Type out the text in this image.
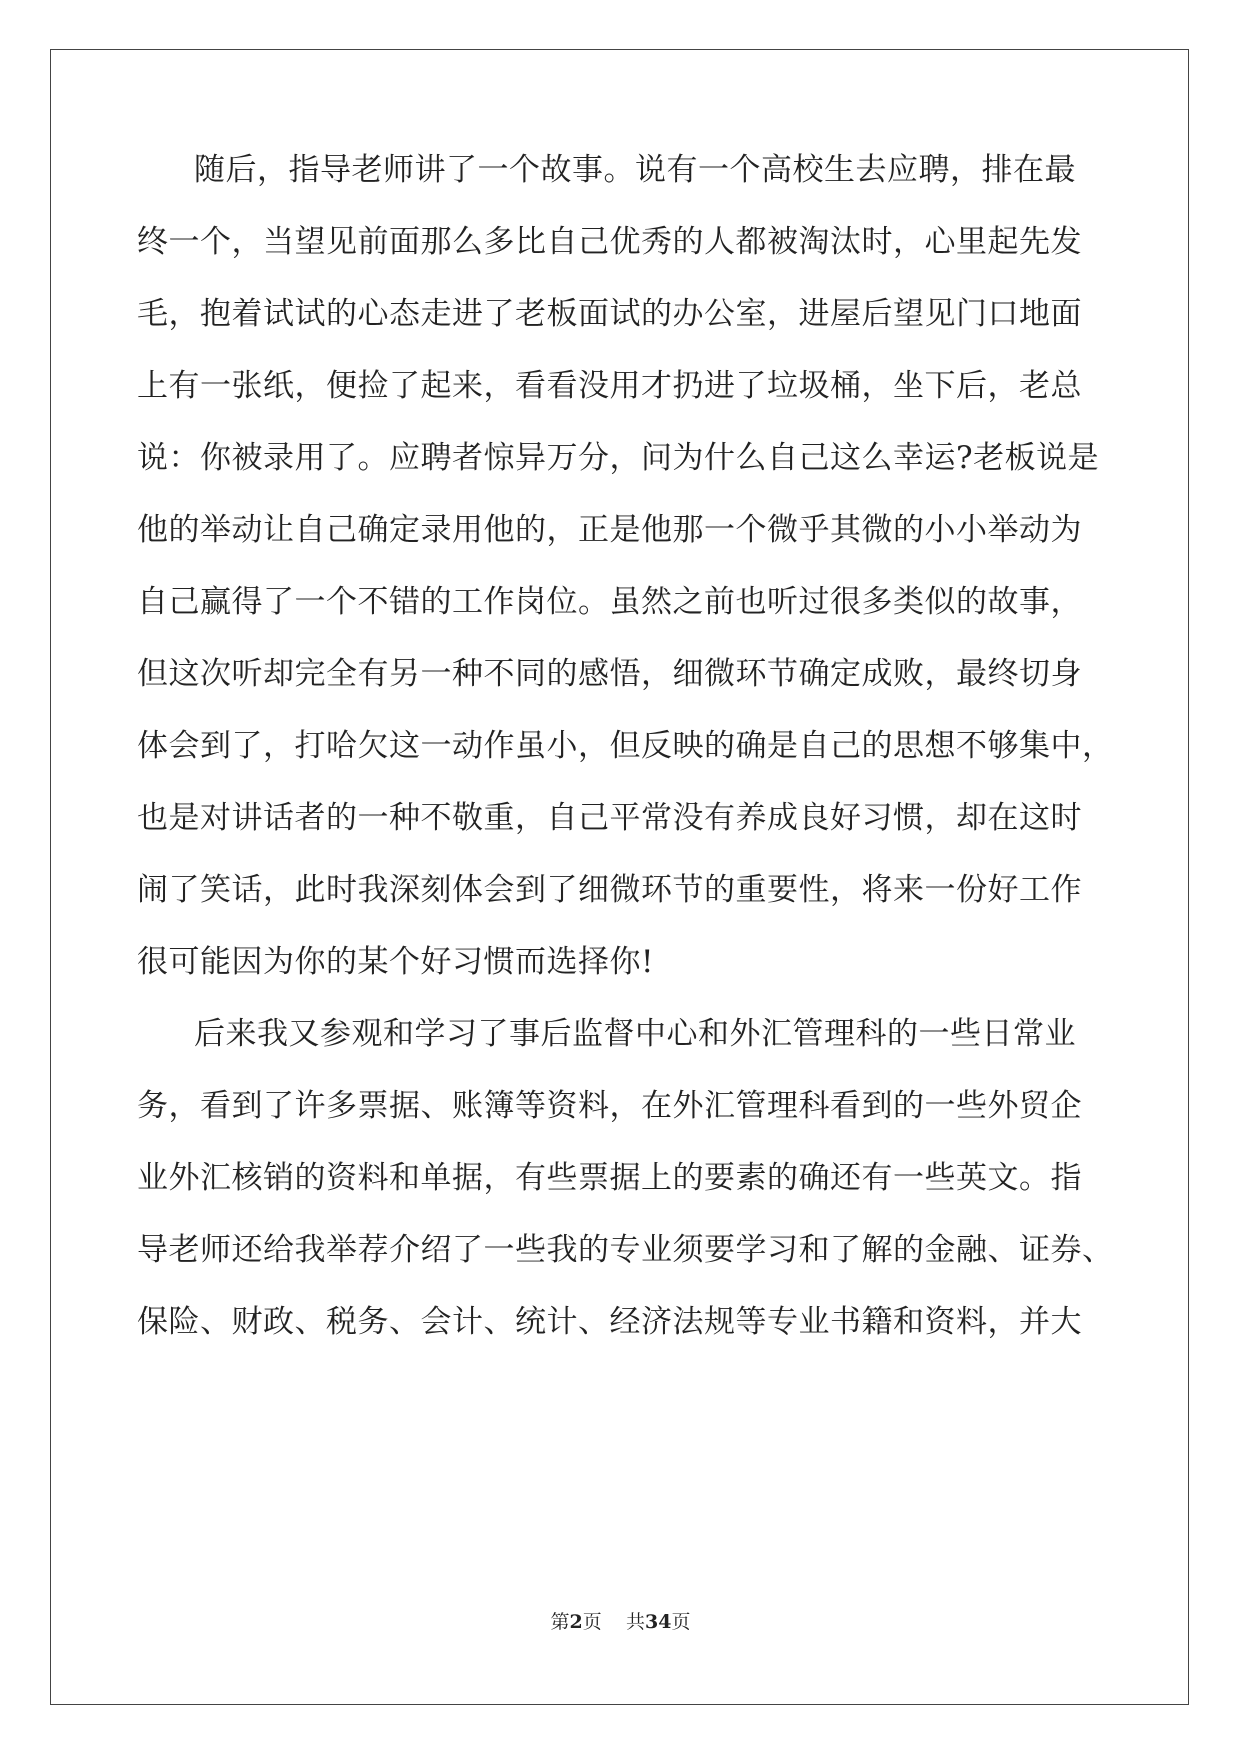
随后，指导老师讲了一个故事。说有一个高校生去应聘，排在最

终一个，当望见前面那么多比自己优秀的人都被淘汰时，心里起先发

毛，抱着试试的心态走进了老板面试的办公室，进屋后望见门口地面

上有一张纸，便捡了起来，看看没用才扔进了垃圾桶，坐下后，老总

说：你被录用了。应聘者惊异万分，问为什么自己这么幸运?老板说是

他的举动让自己确定录用他的，正是他那一个微乎其微的小小举动为

自己赢得了一个不错的工作岗位。虽然之前也听过很多类似的故事，

但这次听却完全有另一种不同的感悟，细微环节确定成败，最终切身

体会到了，打哈欠这一动作虽小，但反映的确是自己的思想不够集中，

也是对讲话者的一种不敬重，自己平常没有养成良好习惯，却在这时

闹了笑话，此时我深刻体会到了细微环节的重要性，将来一份好工作

很可能因为你的某个好习惯而选择你!

后来我又参观和学习了事后监督中心和外汇管理科的一些日常业

务，看到了许多票据、账簿等资料，在外汇管理科看到的一些外贸企

业外汇核销的资料和单据，有些票据上的要素的确还有一些英文。指

导老师还给我举荐介绍了一些我的专业须要学习和了解的金融、证券、

保险、财政、税务、会计、统计、经济法规等专业书籍和资料，并大

第2页 共34页
